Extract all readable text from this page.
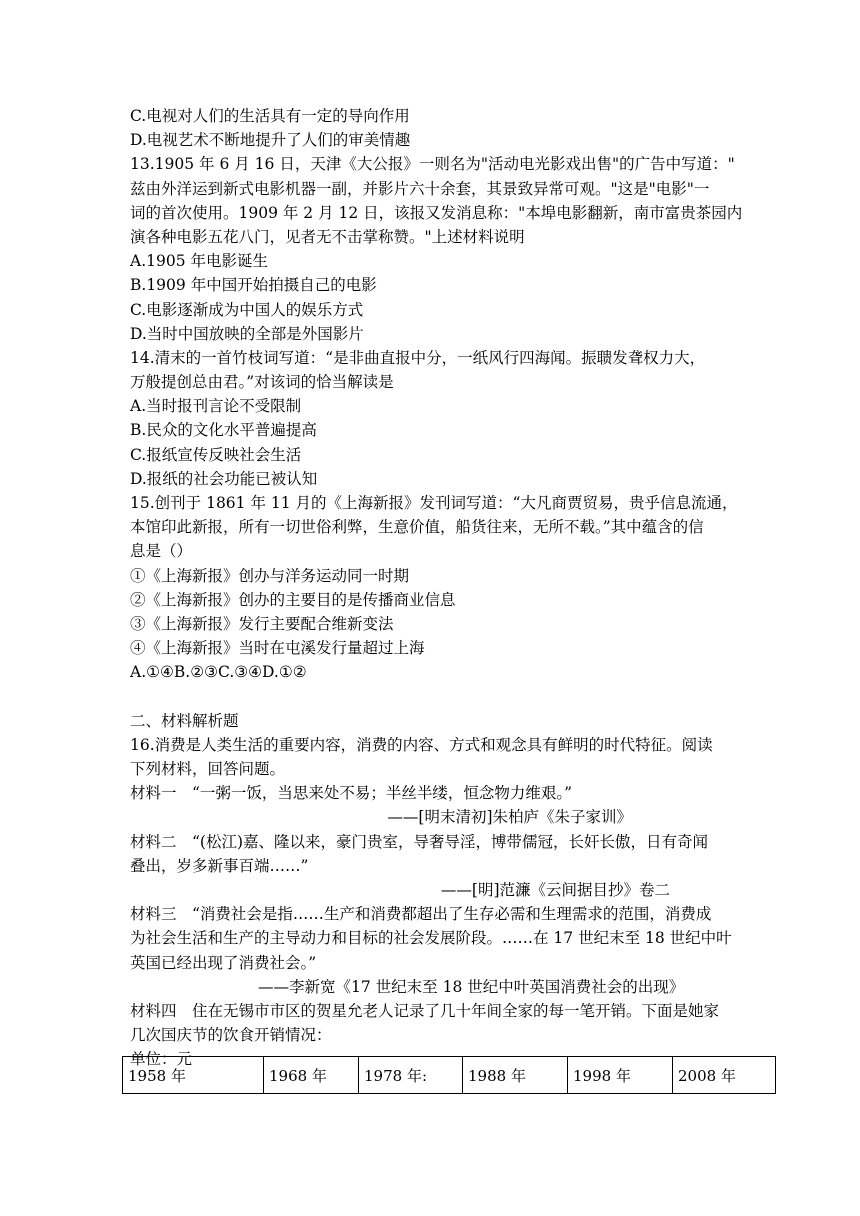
C.电视对人们的生活具有一定的导向作用
D.电视艺术不断地提升了人们的审美情趣
13.1905 年 6 月 16 日，天津《大公报》一则名为"活动电光影戏出售"的广告中写道："
兹由外洋运到新式电影机器一副，并影片六十余套，其景致异常可观。"这是"电影"一
词的首次使用。1909 年 2 月 12 日，该报又发消息称："本埠电影翻新，南市富贵茶园内
演各种电影五花八门，见者无不击掌称赞。"上述材料说明
A.1905 年电影诞生
B.1909 年中国开始拍摄自己的电影
C.电影逐渐成为中国人的娱乐方式
D.当时中国放映的全部是外国影片
14.清末的一首竹枝词写道：“是非曲直报中分，一纸风行四海闻。振聩发聋权力大，
万般提创总由君。”对该词的恰当解读是
A.当时报刊言论不受限制
B.民众的文化水平普遍提高
C.报纸宣传反映社会生活
D.报纸的社会功能已被认知
15.创刊于 1861 年 11 月的《上海新报》发刊词写道：“大凡商贾贸易，贵乎信息流通，
本馆印此新报，所有一切世俗利弊，生意价值，船货往来，无所不载。”其中蕴含的信
息是（）
①《上海新报》创办与洋务运动同一时期
②《上海新报》创办的主要目的是传播商业信息
③《上海新报》发行主要配合维新变法
④《上海新报》当时在屯溪发行量超过上海
A.①④B.②③C.③④D.①②
二、材料解析题
16.消费是人类生活的重要内容，消费的内容、方式和观念具有鲜明的时代特征。阅读
下列材料，回答问题。
材料一　“一粥一饭，当思来处不易；半丝半缕，恒念物力维艰。”
——[明末清初]朱柏庐《朱子家训》
材料二　“(松江)嘉、隆以来，豪门贵室，导奢导淫，博带儒冠，长奸长傲，日有奇闻
叠出，岁多新事百端……”
——[明]范濂《云间据目抄》卷二
材料三　“消费社会是指……生产和消费都超出了生存必需和生理需求的范围，消费成
为社会生活和生产的主导动力和目标的社会发展阶段。……在 17 世纪末至 18 世纪中叶
英国已经出现了消费社会。”
——李新宽《17 世纪末至 18 世纪中叶英国消费社会的出现》
材料四　住在无锡市市区的贺星允老人记录了几十年间全家的每一笔开销。下面是她家
几次国庆节的饮食开销情况：
单位：元
1958 年	1968 年	1978 年:	1988 年	1998 年	2008 年
